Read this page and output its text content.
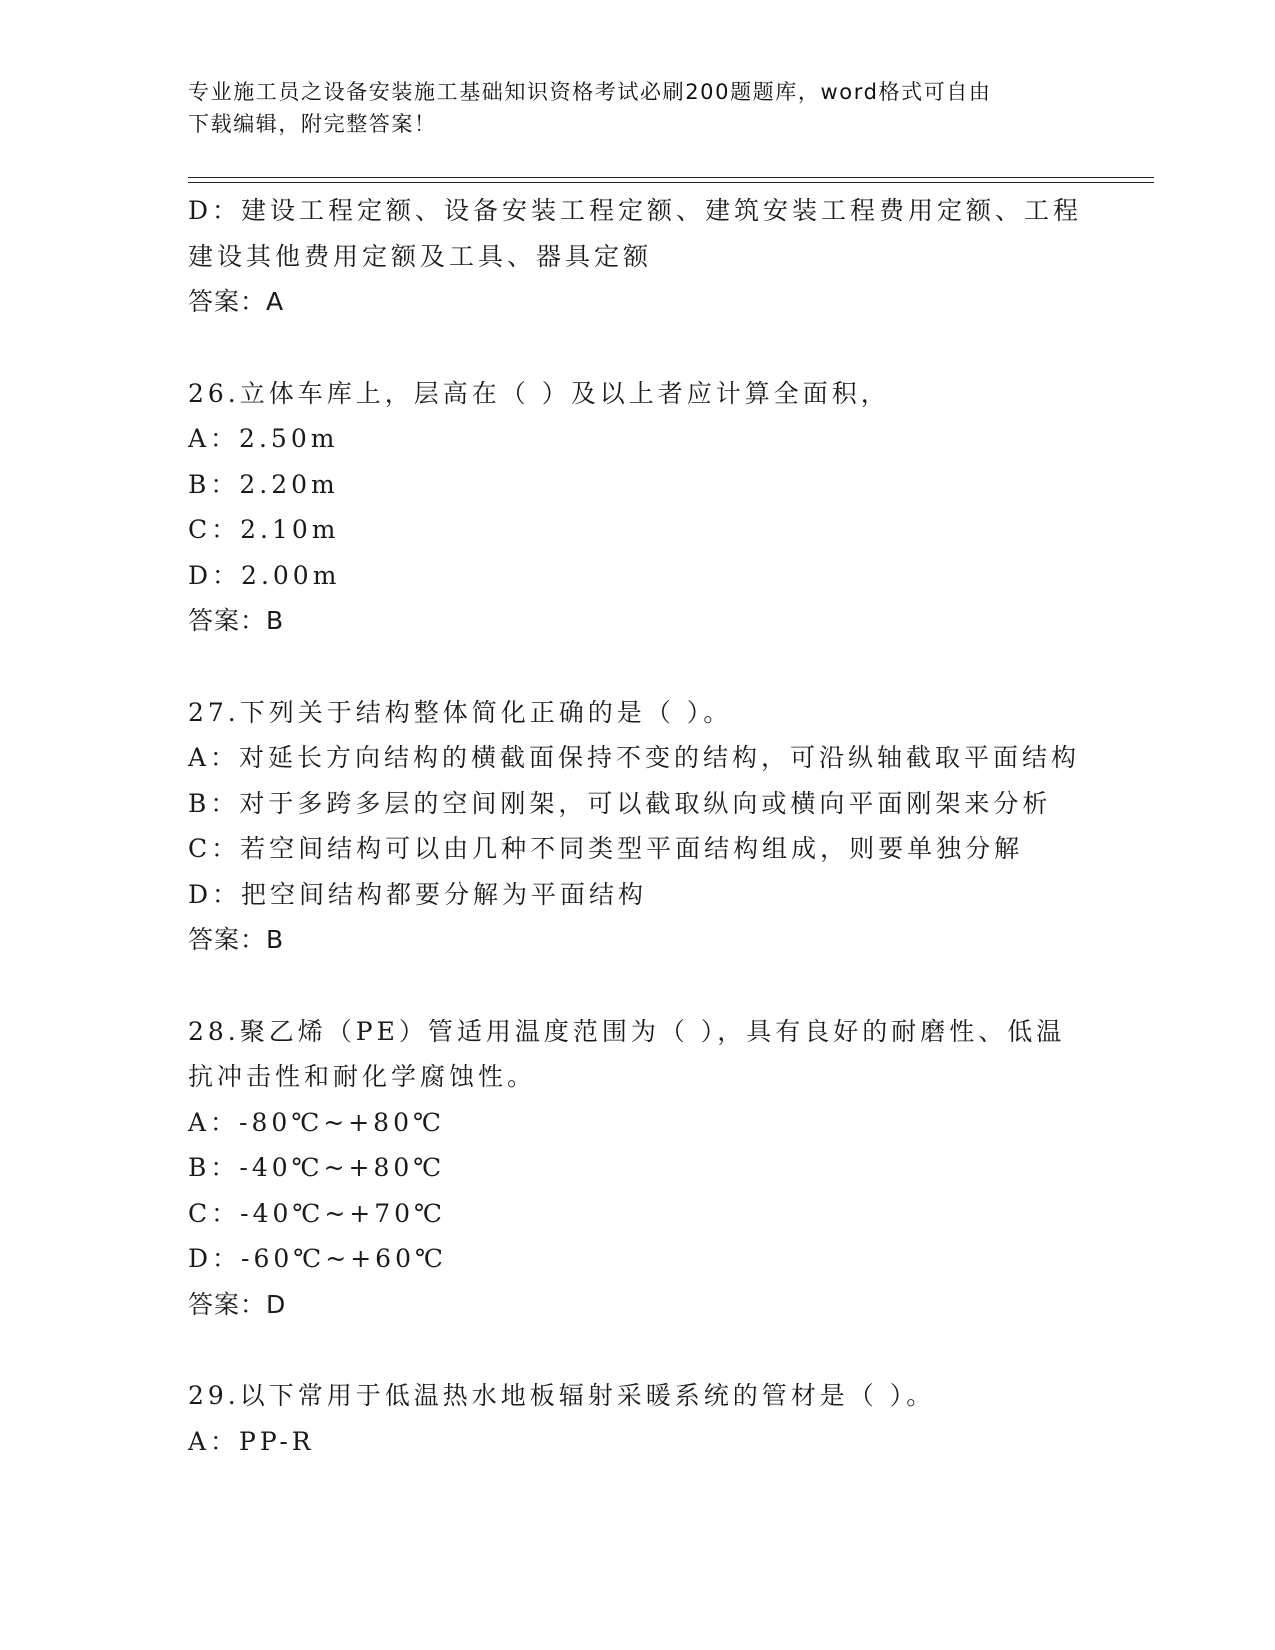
专业施工员之设备安装施工基础知识资格考试必刷200题题库，word格式可自由
下载编辑，附完整答案！
D：建设工程定额、设备安装工程定额、建筑安装工程费用定额、工程
建设其他费用定额及工具、器具定额
答案：A
26.立体车库上，层高在（ ）及以上者应计算全面积，
A：2.50m
B：2.20m
C：2.10m
D：2.00m
答案：B
27.下列关于结构整体简化正确的是（ ）。
A：对延长方向结构的横截面保持不变的结构，可沿纵轴截取平面结构
B：对于多跨多层的空间刚架，可以截取纵向或横向平面刚架来分析
C：若空间结构可以由几种不同类型平面结构组成，则要单独分解
D：把空间结构都要分解为平面结构
答案：B
28.聚乙烯（PE）管适用温度范围为（ ），具有良好的耐磨性、低温
抗冲击性和耐化学腐蚀性。
A：-80℃~+80℃
B：-40℃~+80℃
C：-40℃~+70℃
D：-60℃~+60℃
答案：D
29.以下常用于低温热水地板辐射采暖系统的管材是（ ）。
A：PP-R
